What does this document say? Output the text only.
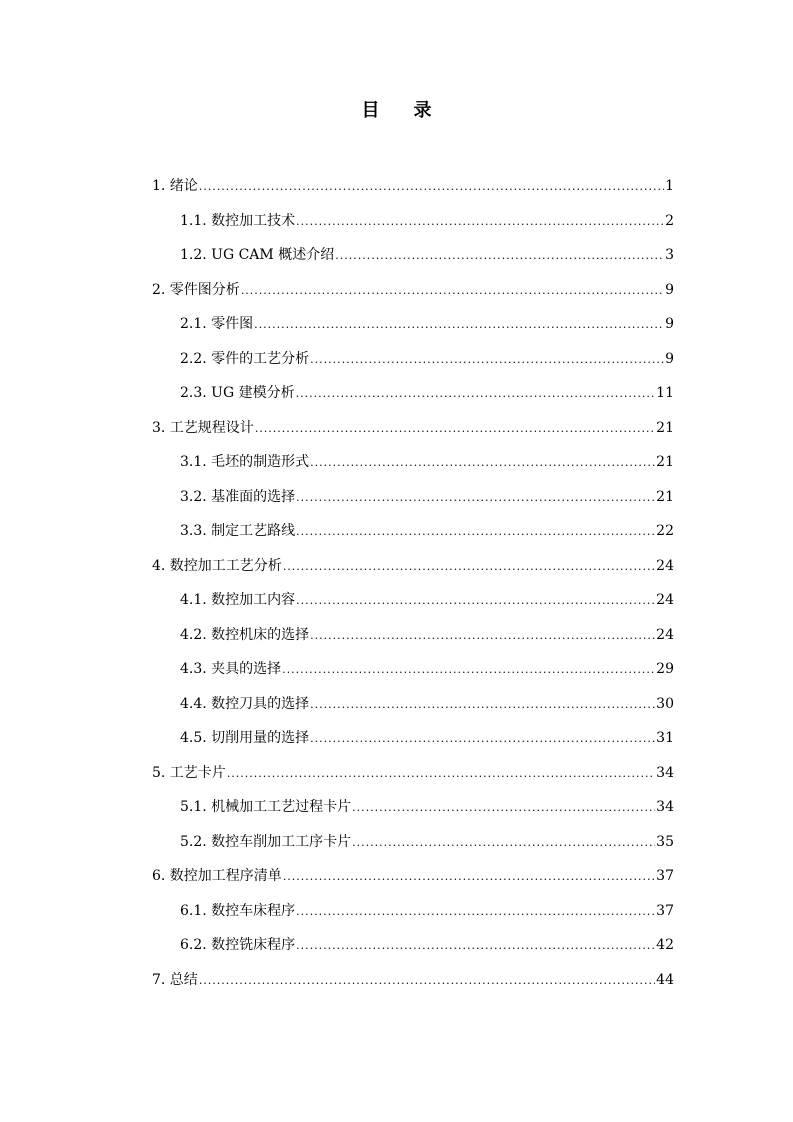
目 录
1. 绪论 .....	1
1.1. 数控加工技术 .....	2
1.2. UG CAM 概述介绍 .....	3
2. 零件图分析 .....	9
2.1. 零件图 .....	9
2.2. 零件的工艺分析 .....	9
2.3. UG 建模分析 .....	11
3. 工艺规程设计 .....	21
3.1. 毛坯的制造形式 .....	21
3.2. 基准面的选择 .....	21
3.3. 制定工艺路线 .....	22
4. 数控加工工艺分析 .....	24
4.1. 数控加工内容 .....	24
4.2. 数控机床的选择 .....	24
4.3. 夹具的选择 .....	29
4.4. 数控刀具的选择 .....	30
4.5. 切削用量的选择 .....	31
5. 工艺卡片 .....	34
5.1. 机械加工工艺过程卡片 .....	34
5.2. 数控车削加工工序卡片 .....	35
6. 数控加工程序清单 .....	37
6.1. 数控车床程序 .....	37
6.2. 数控铣床程序 .....	42
7. 总结 .....	44
